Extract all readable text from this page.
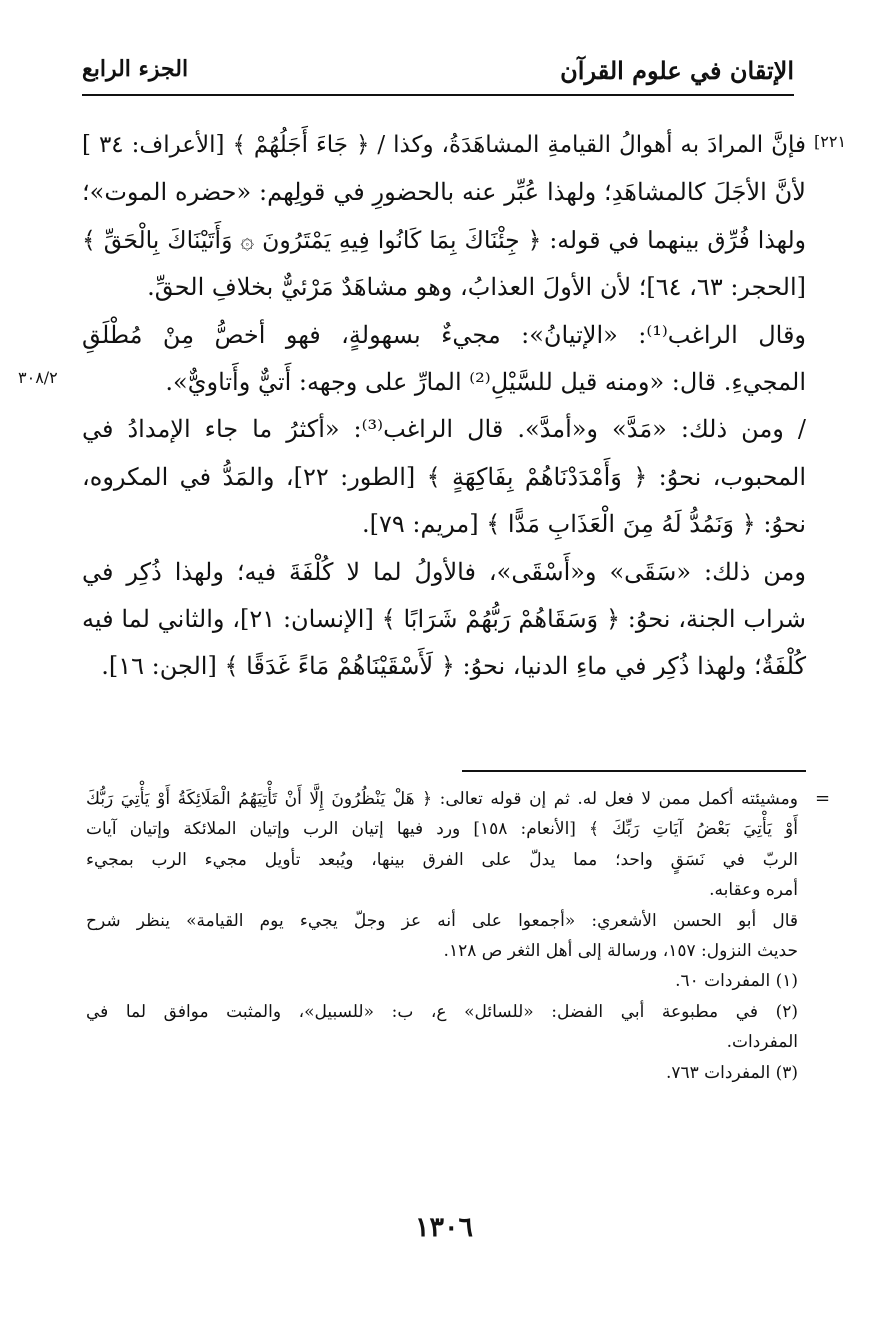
الإتقان في علوم القرآن
الجزء الرابع
[٢٢١
٣٠٨/٢
فإنَّ المرادَ به أهوالُ القيامةِ المشاهَدَةُ، وكذا / ﴿ جَاءَ أَجَلُهُمْ ﴾ [الأعراف: ٣٤ ]
لأنَّ الأجَلَ كالمشاهَدِ؛ ولهذا عُبِّر عنه بالحضورِ في قولِهم: «حضره الموت»؛
ولهذا فُرِّق بينهما في قوله: ﴿ جِئْنَاكَ بِمَا كَانُوا فِيهِ يَمْتَرُونَ ۞ وَأَتَيْنَاكَ بِالْحَقِّ ﴾
[الحجر: ٦٣، ٦٤]؛ لأن الأولَ العذابُ، وهو مشاهَدٌ مَرْئيٌّ بخلافِ الحقِّ.
وقال الراغب⁽¹⁾: «الإتيانُ»: مجيءٌ بسهولةٍ، فهو أخصُّ مِنْ مُطْلَقِ
المجيءِ. قال: «ومنه قيل للسَّيْلِ⁽²⁾ المارِّ على وجهه: أَتيٌّ وأَتاويٌّ».
/ ومن ذلك: «مَدَّ» و«أمدَّ». قال الراغب⁽³⁾: «أكثرُ ما جاء الإمدادُ في
المحبوب، نحوُ: ﴿ وَأَمْدَدْنَاهُمْ بِفَاكِهَةٍ ﴾ [الطور: ٢٢]، والمَدُّ في المكروه،
نحوُ: ﴿ وَنَمُدُّ لَهُ مِنَ الْعَذَابِ مَدًّا ﴾ [مريم: ٧٩].
ومن ذلك: «سَقَى» و«أَسْقَى»، فالأولُ لما لا كُلْفَةَ فيه؛ ولهذا ذُكِر في
شراب الجنة، نحوُ: ﴿ وَسَقَاهُمْ رَبُّهُمْ شَرَابًا ﴾ [الإنسان: ٢١]، والثاني لما فيه
كُلْفَةٌ؛ ولهذا ذُكِر في ماءِ الدنيا، نحوُ: ﴿ لَأَسْقَيْنَاهُمْ مَاءً غَدَقًا ﴾ [الجن: ١٦].
=
ومشيئته أكمل ممن لا فعل له. ثم إن قوله تعالى: ﴿ هَلْ يَنْظُرُونَ إِلَّا أَنْ تَأْتِيَهُمُ الْمَلَائِكَةُ أَوْ يَأْتِيَ رَبُّكَ
أَوْ يَأْتِيَ بَعْضُ آيَاتِ رَبِّكَ ﴾ [الأنعام: ١٥٨] ورد فيها إتيان الرب وإتيان الملائكة وإتيان آيات
الربّ في نَسَقٍ واحد؛ مما يدلّ على الفرق بينها، ويُبعد تأويل مجيء الرب بمجيء
أمره وعقابه.
قال أبو الحسن الأشعري: «أجمعوا على أنه عز وجلّ يجيء يوم القيامة» ينظر شرح
حديث النزول: ١٥٧، ورسالة إلى أهل الثغر ص ١٢٨.
(١) المفردات ٦٠.
(٢) في مطبوعة أبي الفضل: «للسائل» ع، ب: «للسبيل»، والمثبت موافق لما في
المفردات.
(٣) المفردات ٧٦٣.
١٣٠٦
